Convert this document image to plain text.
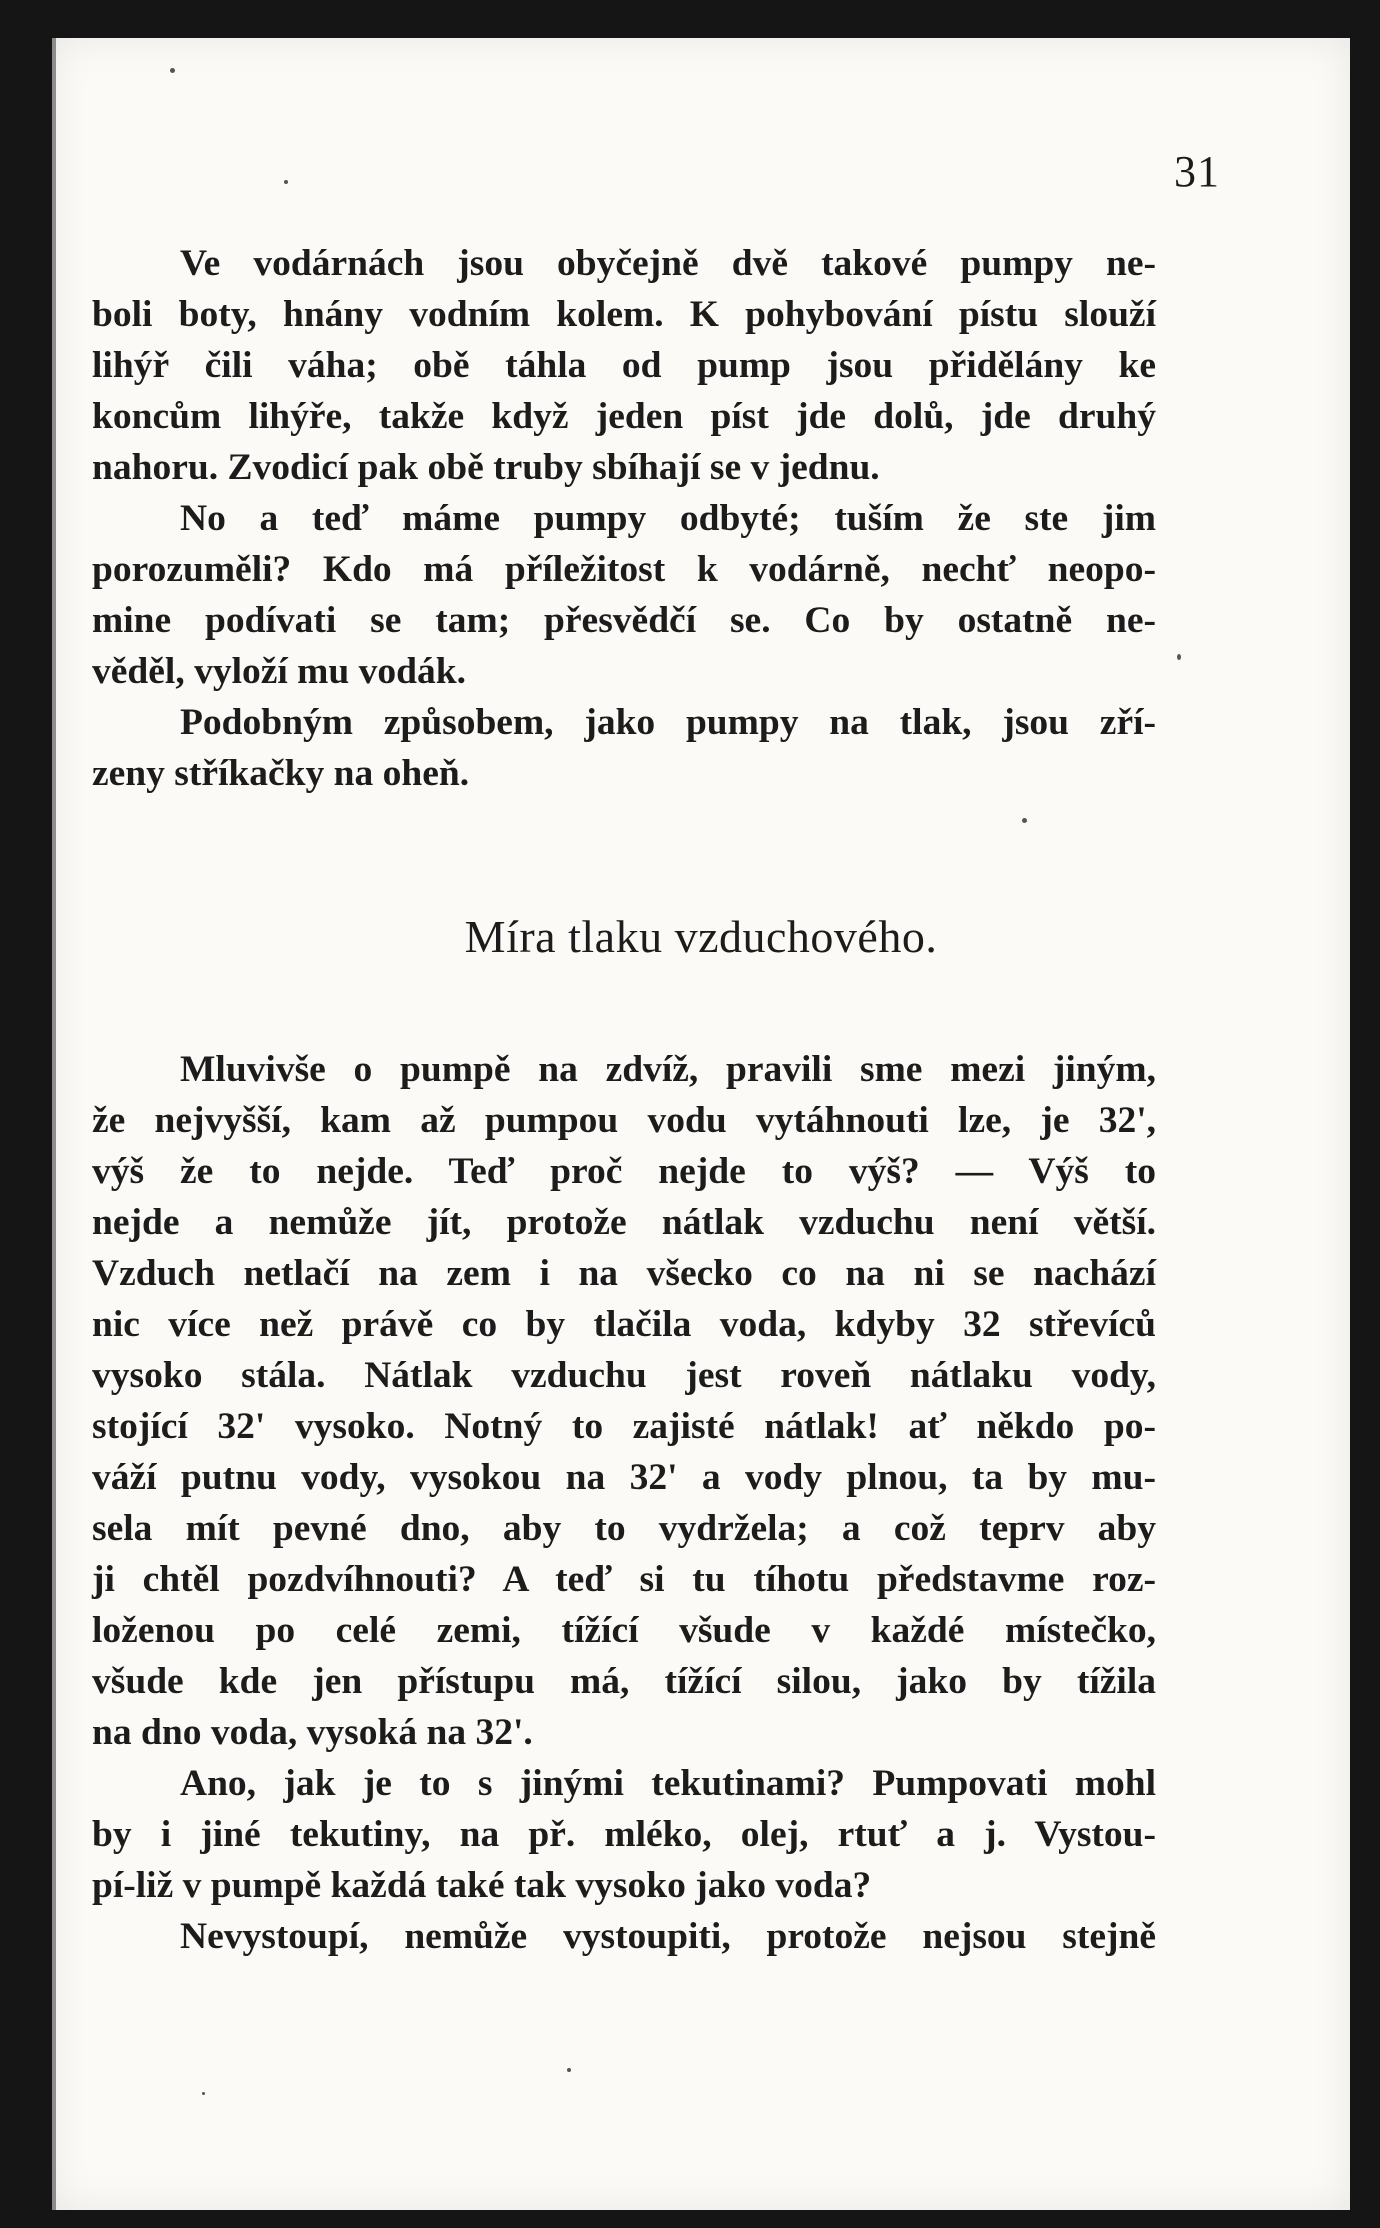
31
Ve vodárnách jsou obyčejně dvě takové pumpy ne-
boli boty, hnány vodním kolem. K pohybování pístu slouží
lihýř čili váha; obě táhla od pump jsou přidělány ke
koncům lihýře, takže když jeden píst jde dolů, jde druhý
nahoru. Zvodicí pak obě truby sbíhají se v jednu.
No a teď máme pumpy odbyté; tuším že ste jim
porozuměli? Kdo má příležitost k vodárně, nechť neopo-
mine podívati se tam; přesvědčí se. Co by ostatně ne-
věděl, vyloží mu vodák.
Podobným způsobem, jako pumpy na tlak, jsou zří-
zeny stříkačky na oheň.
Míra tlaku vzduchového.
Mluvivše o pumpě na zdvíž, pravili sme mezi jiným,
že nejvyšší, kam až pumpou vodu vytáhnouti lze, je 32',
výš že to nejde. Teď proč nejde to výš? — Výš to
nejde a nemůže jít, protože nátlak vzduchu není větší.
Vzduch netlačí na zem i na všecko co na ni se nachází
nic více než právě co by tlačila voda, kdyby 32 střevíců
vysoko stála. Nátlak vzduchu jest roveň nátlaku vody,
stojící 32' vysoko. Notný to zajisté nátlak! ať někdo po-
váží putnu vody, vysokou na 32' a vody plnou, ta by mu-
sela mít pevné dno, aby to vydržela; a což teprv aby
ji chtěl pozdvíhnouti? A teď si tu tíhotu představme roz-
loženou po celé zemi, tížící všude v každé místečko,
všude kde jen přístupu má, tížící silou, jako by tížila
na dno voda, vysoká na 32'.
Ano, jak je to s jinými tekutinami? Pumpovati mohl
by i jiné tekutiny, na př. mléko, olej, rtuť a j. Vystou-
pí-liž v pumpě každá také tak vysoko jako voda?
Nevystoupí, nemůže vystoupiti, protože nejsou stejně
